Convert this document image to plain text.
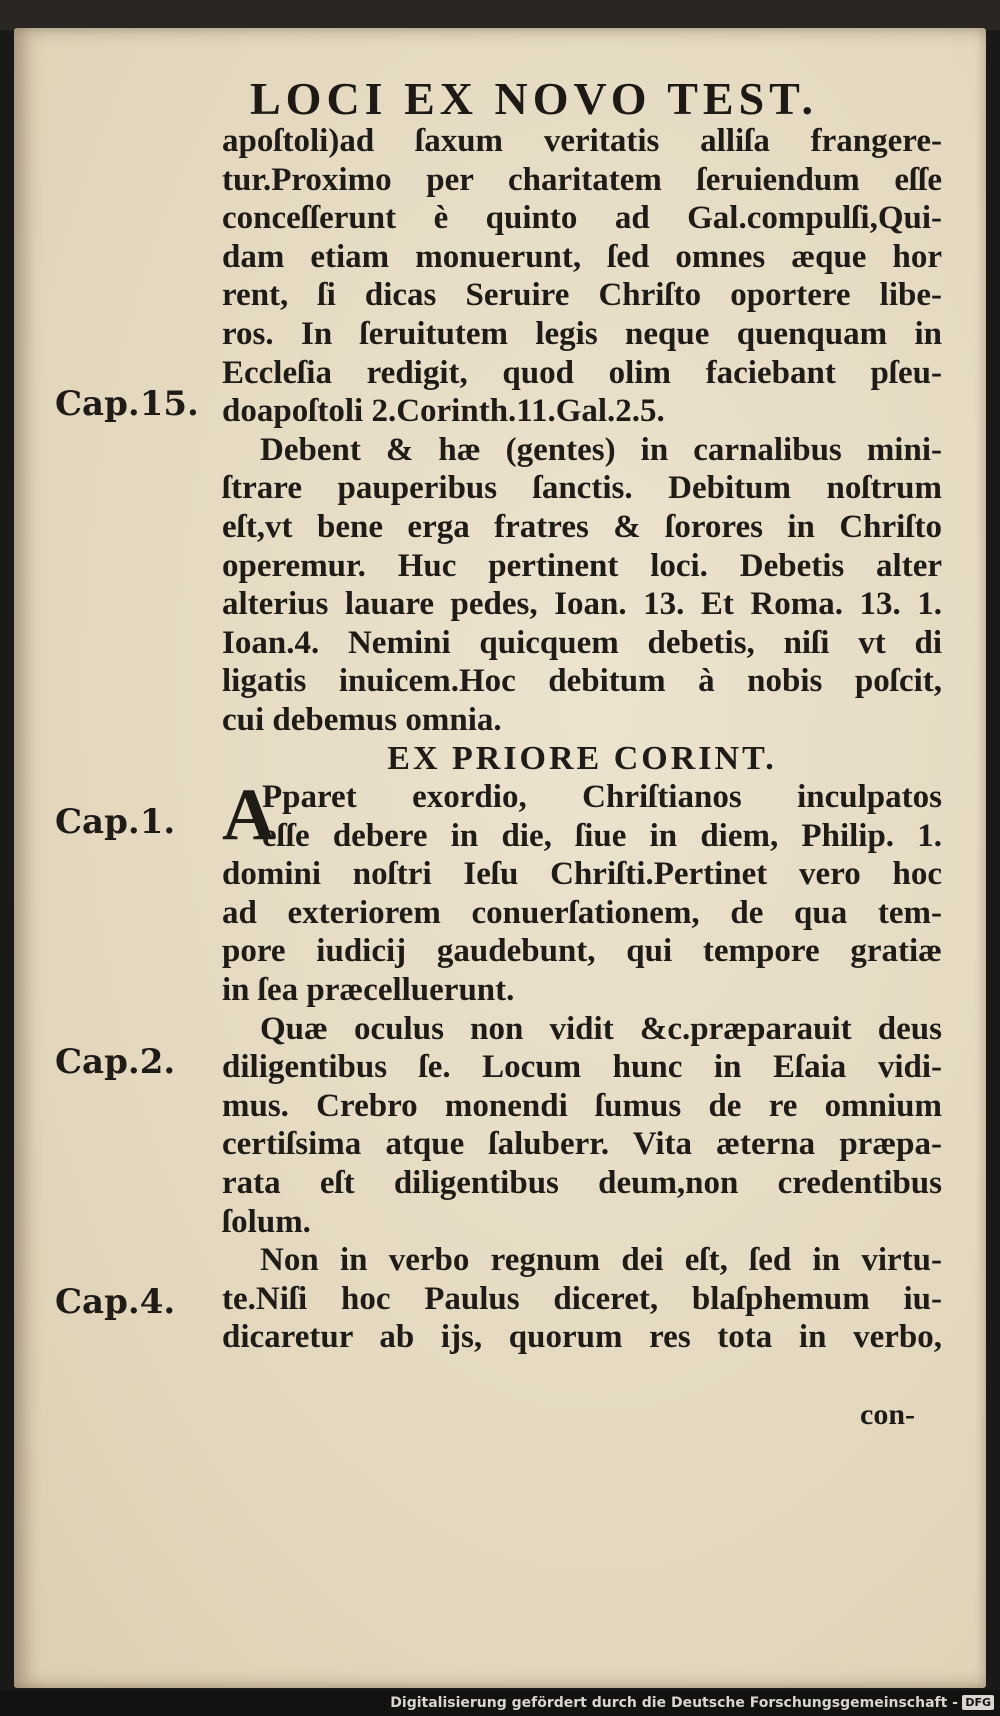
LOCI EX NOVO TEST.
Cap.15.
Cap.1.
Cap.2.
Cap.4.
apoſtoli)ad ſaxum veritatis alliſa frangere-
tur.Proximo per charitatem ſeruiendum eſſe
conceſſerunt è quinto ad Gal.compulſi,Qui-
dam etiam monuerunt, ſed omnes æque hor
rent, ſi dicas Seruire Chriſto oportere libe-
ros. In ſeruitutem legis neque quenquam in
Eccleſia redigit, quod olim faciebant pſeu-
doapoſtoli 2.Corinth.11.Gal.2.5.
Debent & hæ (gentes) in carnalibus mini-
ſtrare pauperibus ſanctis. Debitum noſtrum
eſt,vt bene erga fratres & ſorores in Chriſto
operemur. Huc pertinent loci. Debetis alter
alterius lauare pedes, Ioan. 13. Et Roma. 13. 1.
Ioan.4. Nemini quicquem debetis, niſi vt di
ligatis inuicem.Hoc debitum à nobis poſcit,
cui debemus omnia.
EX PRIORE CORINT.
A
Pparet exordio, Chriſtianos inculpatos
eſſe debere in die, ſiue in diem, Philip. 1.
domini noſtri Ieſu Chriſti.Pertinet vero hoc
ad exteriorem conuerſationem, de qua tem-
pore iudicij gaudebunt, qui tempore gratiæ
in ſea præcelluerunt.
Quæ oculus non vidit &c.præparauit deus
diligentibus ſe. Locum hunc in Eſaia vidi-
mus. Crebro monendi ſumus de re omnium
certiſsima atque ſaluberr. Vita æterna præpa-
rata eſt diligentibus deum,non credentibus
ſolum.
Non in verbo regnum dei eſt, ſed in virtu-
te.Niſi hoc Paulus diceret, blaſphemum iu-
dicaretur ab ijs, quorum res tota in verbo,
con-
Digitalisierung gefördert durch die Deutsche Forschungsgemeinschaft - DFG
